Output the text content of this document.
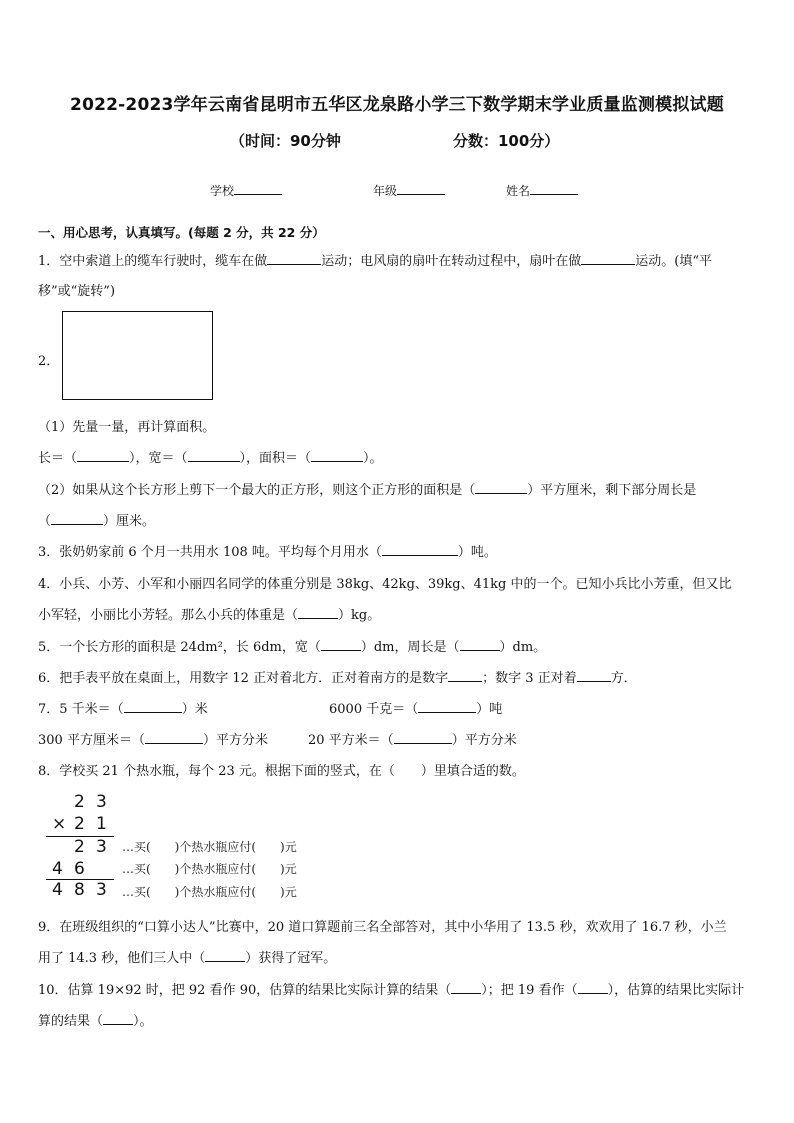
2022-2023学年云南省昆明市五华区龙泉路小学三下数学期末学业质量监测模拟试题
（时间：90分钟	分数：100分）
学校	年级	姓名
一、用心思考，认真填写。(每题 2 分，共 22 分）
1．空中索道上的缆车行驶时，缆车在做	运动；电风扇的扇叶在转动过程中，扇叶在做	运动。(填“平
移”或“旋转”)
2．
（1）先量一量，再计算面积。
长＝（	），宽＝（	），面积＝（	）。
（2）如果从这个长方形上剪下一个最大的正方形，则这个正方形的面积是（	）平方厘米，剩下部分周长是
（	）厘米。
3．张奶奶家前 6 个月一共用水 108 吨。平均每个月用水（	）吨。
4．小兵、小芳、小军和小丽四名同学的体重分别是 38kg、42kg、39kg、41kg 中的一个。已知小兵比小芳重，但又比
小军轻，小丽比小芳轻。那么小兵的体重是（	）kg。
5．一个长方形的面积是 24dm²，长 6dm，宽（	）dm，周长是（	）dm。
6．把手表平放在桌面上，用数字 12 正对着北方．正对着南方的是数字	；数字 3 正对着	方．
7．5 千米＝（	）米	6000 千克＝（	）吨
300 平方厘米＝（	）平方分米	20 平方米＝（	）平方分米
8．学校买 21 个热水瓶，每个 23 元。根据下面的竖式，在（　　）里填合适的数。
2 3
× 2 1
2 3
4 6
4 8 3
…买(　　)个热水瓶应付(　　)元
…买(　　)个热水瓶应付(　　)元
…买(　　)个热水瓶应付(　　)元
9．在班级组织的“口算小达人”比赛中，20 道口算题前三名全部答对，其中小华用了 13.5 秒，欢欢用了 16.7 秒，小兰
用了 14.3 秒，他们三人中（	）获得了冠军。
10．估算 19×92 时，把 92 看作 90，估算的结果比实际计算的结果（ ）；把 19 看作（ ），估算的结果比实际计
算的结果（ ）。
